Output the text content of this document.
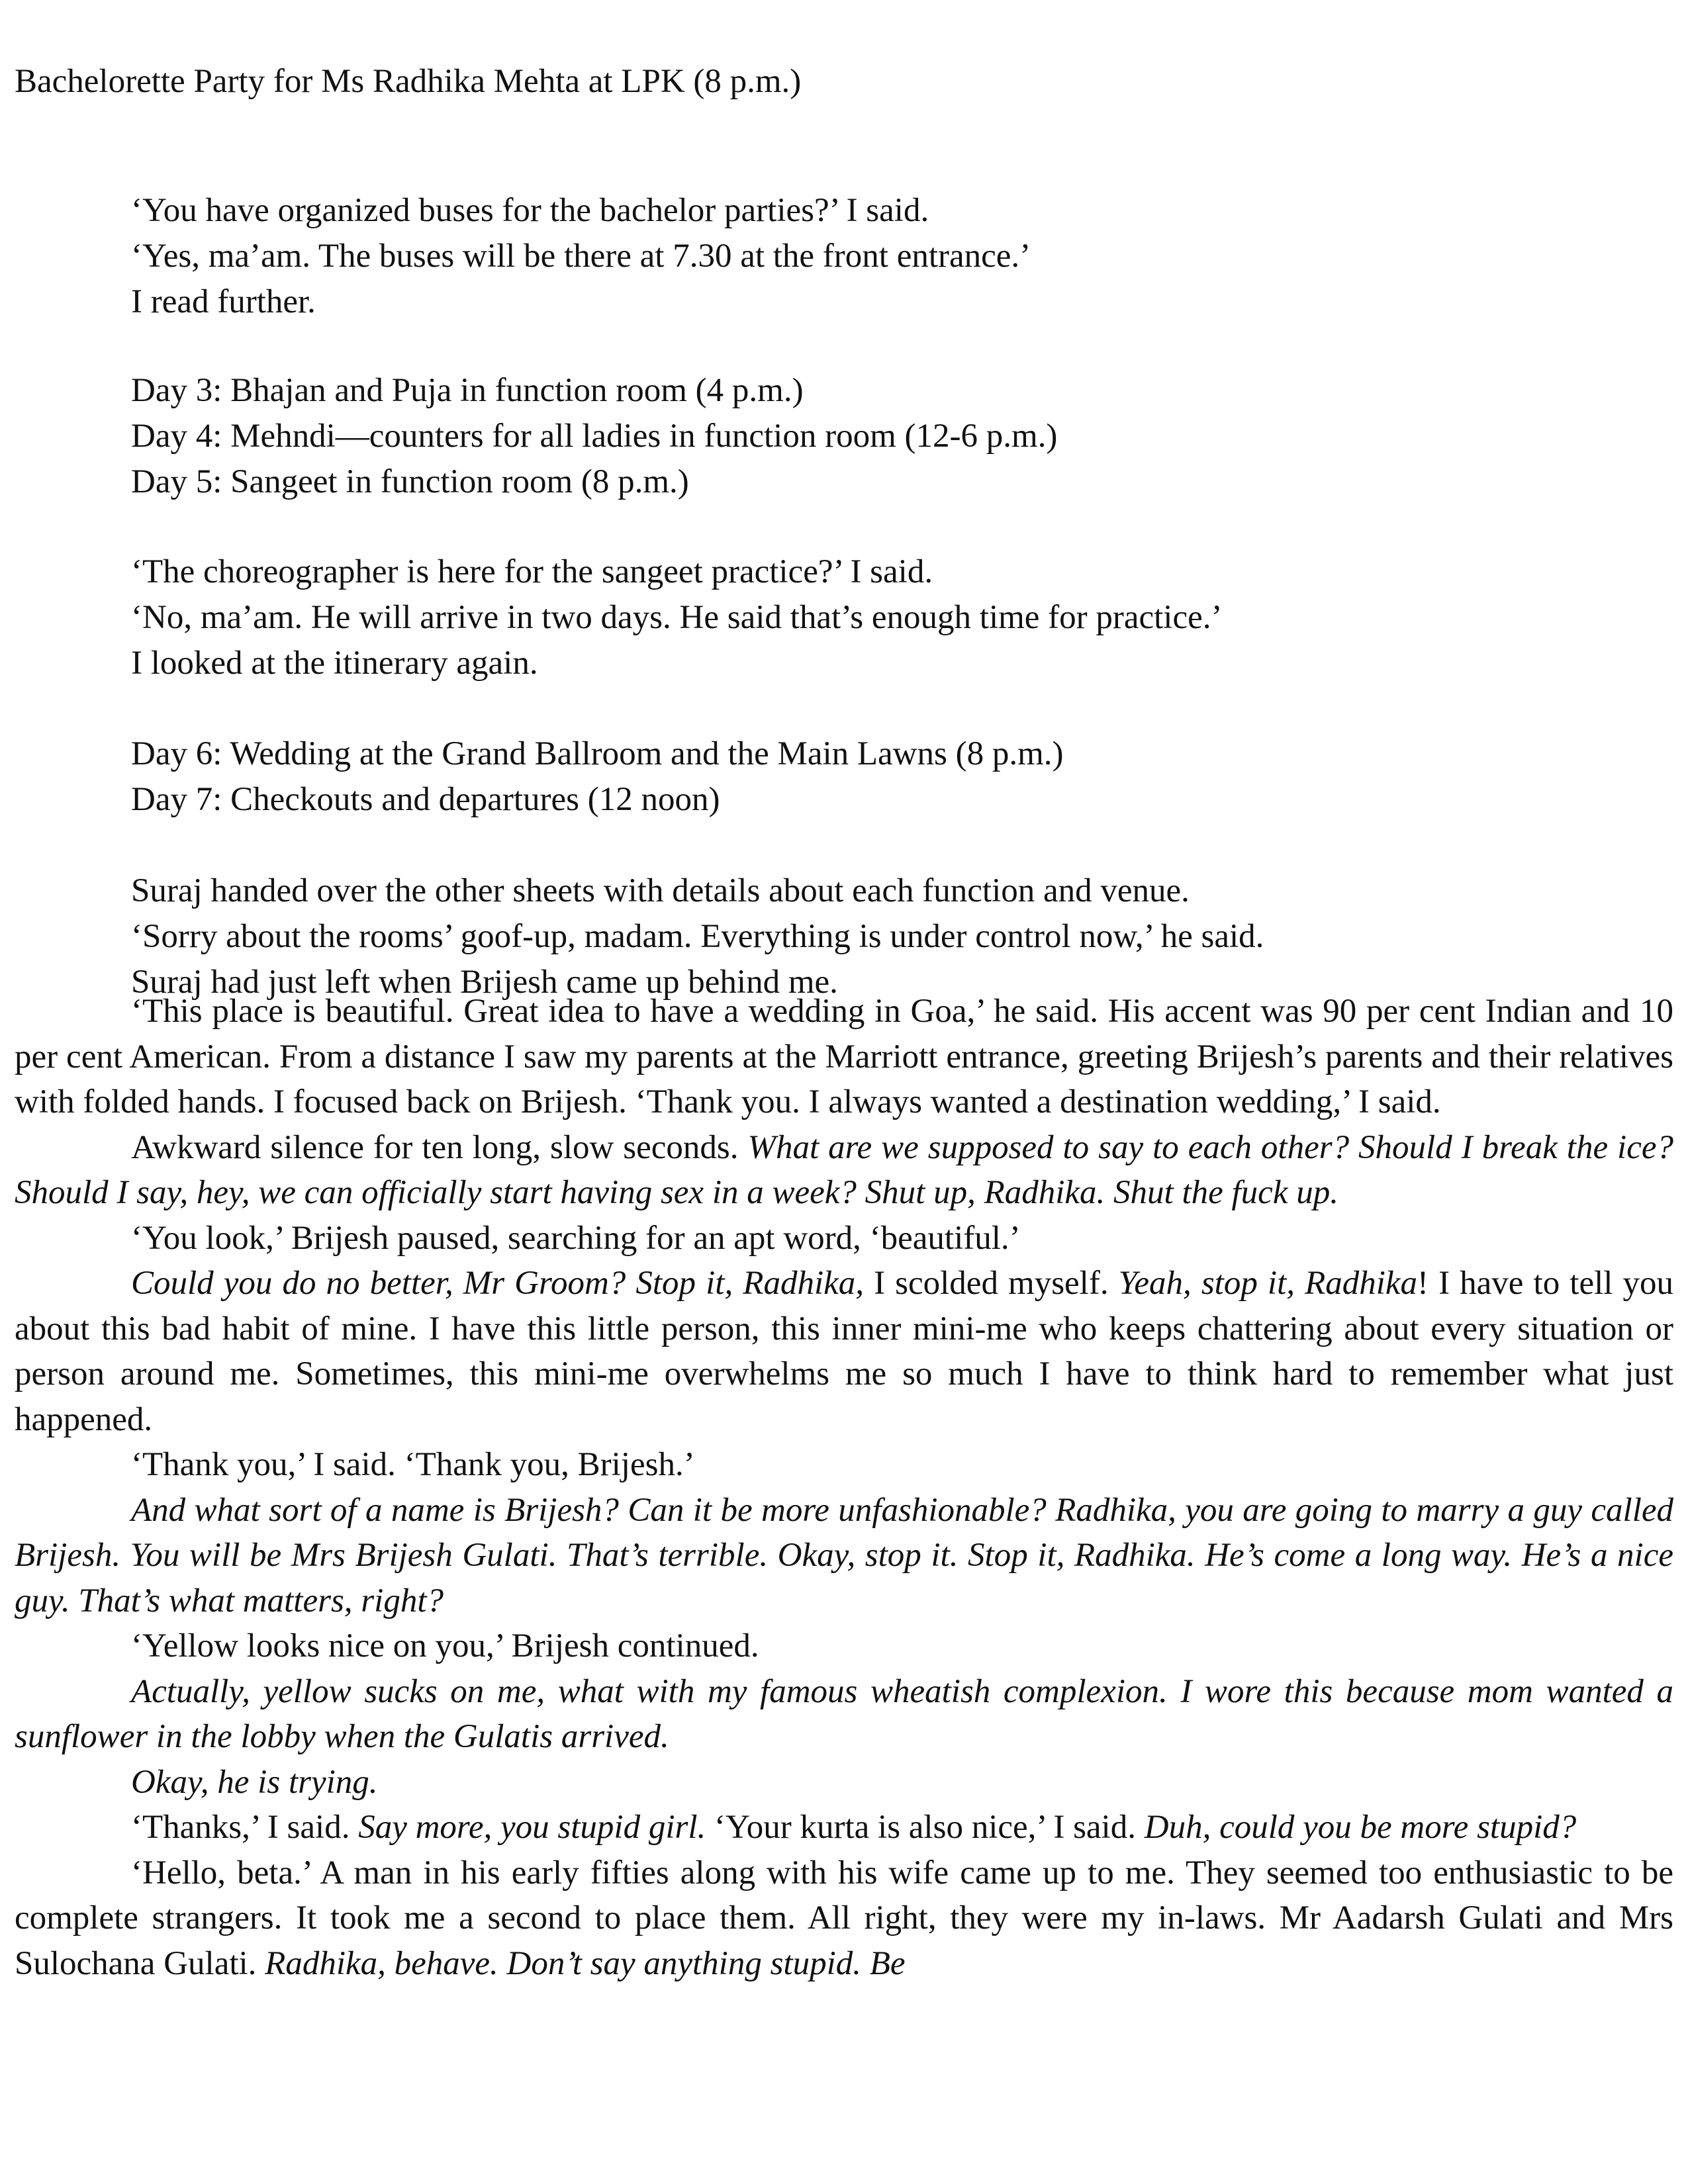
Bachelorette Party for Ms Radhika Mehta at LPK (8 p.m.)
‘You have organized buses for the bachelor parties?’ I said.
‘Yes, ma’am. The buses will be there at 7.30 at the front entrance.’
I read further.
Day 3: Bhajan and Puja in function room (4 p.m.)
Day 4: Mehndi—counters for all ladies in function room (12-6 p.m.)
Day 5: Sangeet in function room (8 p.m.)
‘The choreographer is here for the sangeet practice?’ I said.
‘No, ma’am. He will arrive in two days. He said that’s enough time for practice.’
I looked at the itinerary again.
Day 6: Wedding at the Grand Ballroom and the Main Lawns (8 p.m.)
Day 7: Checkouts and departures (12 noon)
Suraj handed over the other sheets with details about each function and venue.
‘Sorry about the rooms’ goof-up, madam. Everything is under control now,’ he said.
Suraj had just left when Brijesh came up behind me.

‘This place is beautiful. Great idea to have a wedding in Goa,’ he said. His accent was 90 per cent Indian and 10 per cent American. From a distance I saw my parents at the Marriott entrance, greeting Brijesh’s parents and their relatives with folded hands. I focused back on Brijesh. ‘Thank you. I always wanted a destination wedding,’ I said.

Awkward silence for ten long, slow seconds. What are we supposed to say to each other? Should I break the ice? Should I say, hey, we can officially start having sex in a week? Shut up, Radhika. Shut the fuck up.

‘You look,’ Brijesh paused, searching for an apt word, ‘beautiful.’

Could you do no better, Mr Groom? Stop it, Radhika, I scolded myself. Yeah, stop it, Radhika! I have to tell you about this bad habit of mine. I have this little person, this inner mini-me who keeps chattering about every situation or person around me. Sometimes, this mini-me overwhelms me so much I have to think hard to remember what just happened.

‘Thank you,’ I said. ‘Thank you, Brijesh.’

And what sort of a name is Brijesh? Can it be more unfashionable? Radhika, you are going to marry a guy called Brijesh. You will be Mrs Brijesh Gulati. That’s terrible. Okay, stop it. Stop it, Radhika. He’s come a long way. He’s a nice guy. That’s what matters, right?

‘Yellow looks nice on you,’ Brijesh continued.

Actually, yellow sucks on me, what with my famous wheatish complexion. I wore this because mom wanted a sunflower in the lobby when the Gulatis arrived.

Okay, he is trying.

‘Thanks,’ I said. Say more, you stupid girl. ‘Your kurta is also nice,’ I said. Duh, could you be more stupid?

‘Hello, beta.’ A man in his early fifties along with his wife came up to me. They seemed too enthusiastic to be complete strangers. It took me a second to place them. All right, they were my in-laws. Mr Aadarsh Gulati and Mrs Sulochana Gulati. Radhika, behave. Don’t say anything stupid. Be
